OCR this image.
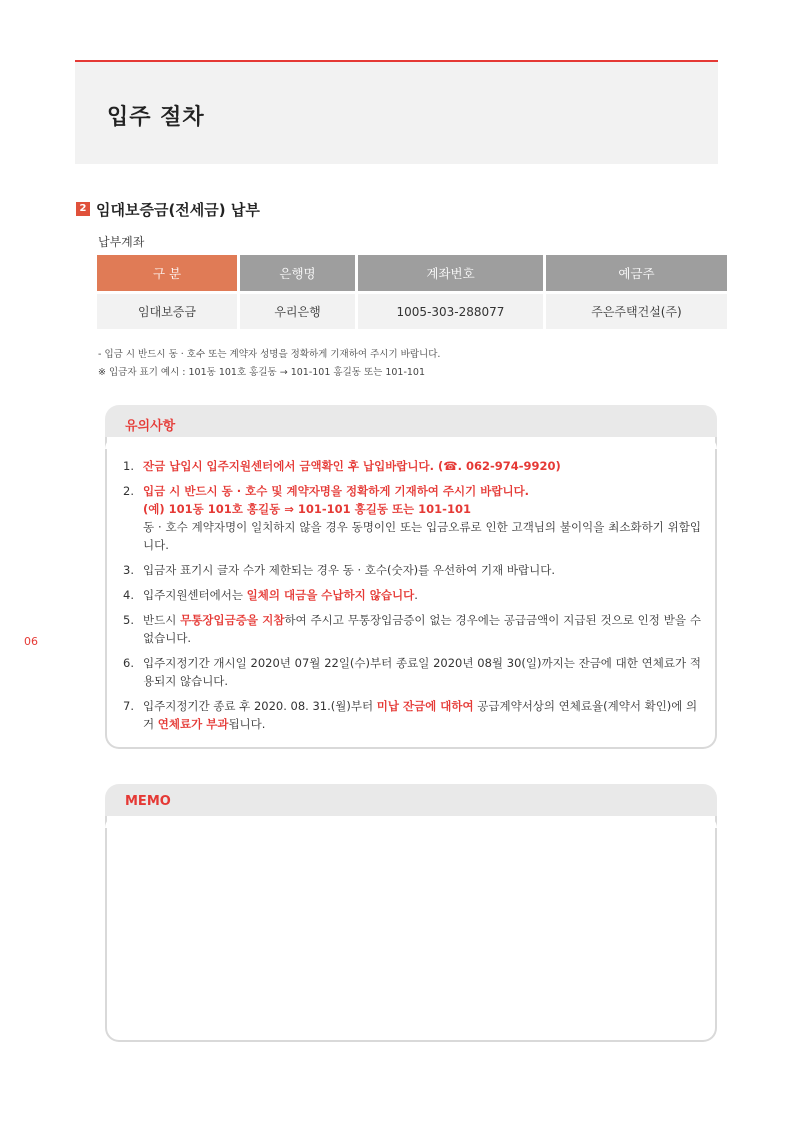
입주 절차
2 임대보증금(전세금) 납부
납부계좌
구 분	은행명	계좌번호	예금주
임대보증금	우리은행	1005-303-288077	주은주택건설(주)
- 입금 시 반드시 동 · 호수 또는 계약자 성명을 정확하게 기재하여 주시기 바랍니다.
※ 입금자 표기 예시 : 101동 101호 홍길동 → 101-101 홍길동 또는 101-101
유의사항
1. 잔금 납입시 입주지원센터에서 금액확인 후 납입바랍니다. (☎. 062-974-9920)
2. 입금 시 반드시 동 · 호수 및 계약자명을 정확하게 기재하여 주시기 바랍니다.
(예) 101동 101호 홍길동 ⇒ 101-101 홍길동 또는 101-101
동 · 호수 계약자명이 일치하지 않을 경우 동명이인 또는 입금오류로 인한 고객님의 불이익을 최소화하기 위함입니다.
3. 입금자 표기시 글자 수가 제한되는 경우 동 · 호수(숫자)를 우선하여 기재 바랍니다.
4. 입주지원센터에서는 일체의 대금을 수납하지 않습니다.
5. 반드시 무통장입금증을 지참하여 주시고 무통장입금증이 없는 경우에는 공급금액이 지급된 것으로 인정 받을 수 없습니다.
6. 입주지정기간 개시일 2020년 07월 22일(수)부터 종료일 2020년 08월 30(일)까지는 잔금에 대한 연체료가 적용되지 않습니다.
7. 입주지정기간 종료 후 2020. 08. 31.(월)부터 미납 잔금에 대하여 공급계약서상의 연체료율(계약서 확인)에 의거 연체료가 부과됩니다.
06
MEMO
